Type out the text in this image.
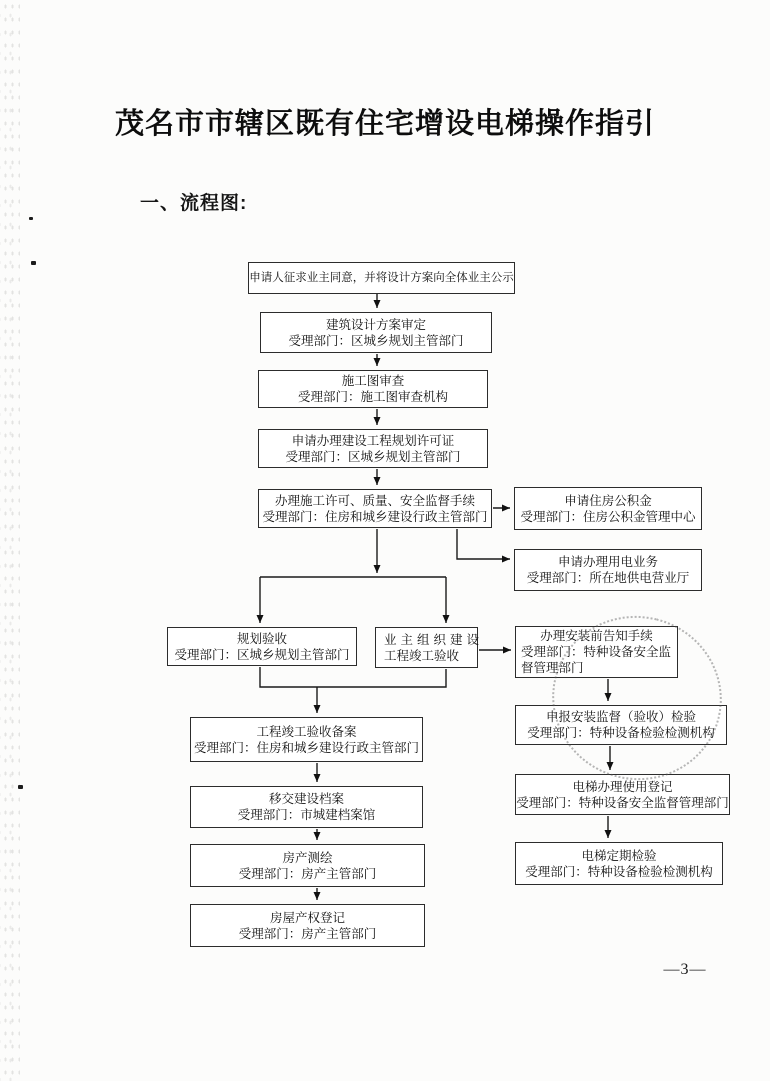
茂名市市辖区既有住宅增设电梯操作指引
一、流程图:
申请人征求业主同意，并将设计方案向全体业主公示
建筑设计方案审定
受理部门：区城乡规划主管部门
施工图审查
受理部门：施工图审查机构
申请办理建设工程规划许可证
受理部门：区城乡规划主管部门
办理施工许可、质量、安全监督手续
受理部门：住房和城乡建设行政主管部门
申请住房公积金
受理部门：住房公积金管理中心
申请办理用电业务
受理部门：所在地供电营业厅
规划验收
受理部门：区城乡规划主管部门
业主组织建设
工程竣工验收
办理安装前告知手续
受理部门：特种设备安全监督管理部门
申报安装监督（验收）检验
受理部门：特种设备检验检测机构
电梯办理使用登记
受理部门：特种设备安全监督管理部门
电梯定期检验
受理部门：特种设备检验检测机构
工程竣工验收备案
受理部门：住房和城乡建设行政主管部门
移交建设档案
受理部门：市城建档案馆
房产测绘
受理部门：房产主管部门
房屋产权登记
受理部门：房产主管部门
—3—
